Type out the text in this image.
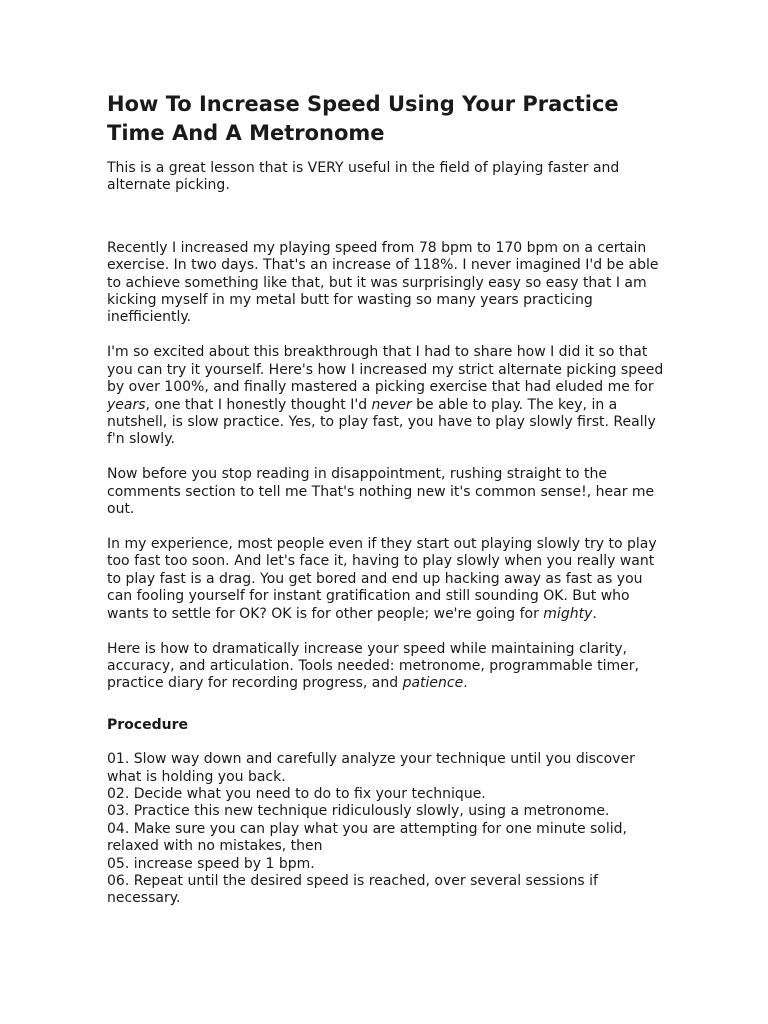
How To Increase Speed Using Your Practice Time And A Metronome

This is a great lesson that is VERY useful in the field of playing faster and alternate picking.

Recently I increased my playing speed from 78 bpm to 170 bpm on a certain exercise. In two days. That's an increase of 118%. I never imagined I'd be able to achieve something like that, but it was surprisingly easy so easy that I am kicking myself in my metal butt for wasting so many years practicing inefficiently.

I'm so excited about this breakthrough that I had to share how I did it so that you can try it yourself. Here's how I increased my strict alternate picking speed by over 100%, and finally mastered a picking exercise that had eluded me for years, one that I honestly thought I'd never be able to play. The key, in a nutshell, is slow practice. Yes, to play fast, you have to play slowly first. Really f'n slowly.

Now before you stop reading in disappointment, rushing straight to the comments section to tell me That's nothing new it's common sense!, hear me out.

In my experience, most people even if they start out playing slowly try to play too fast too soon. And let's face it, having to play slowly when you really want to play fast is a drag. You get bored and end up hacking away as fast as you can fooling yourself for instant gratification and still sounding OK. But who wants to settle for OK? OK is for other people; we're going for mighty.

Here is how to dramatically increase your speed while maintaining clarity, accuracy, and articulation. Tools needed: metronome, programmable timer, practice diary for recording progress, and patience.

Procedure

01. Slow way down and carefully analyze your technique until you discover what is holding you back.

02. Decide what you need to do to fix your technique.

03. Practice this new technique ridiculously slowly, using a metronome.

04. Make sure you can play what you are attempting for one minute solid, relaxed with no mistakes, then

05. increase speed by 1 bpm.

06. Repeat until the desired speed is reached, over several sessions if necessary.
